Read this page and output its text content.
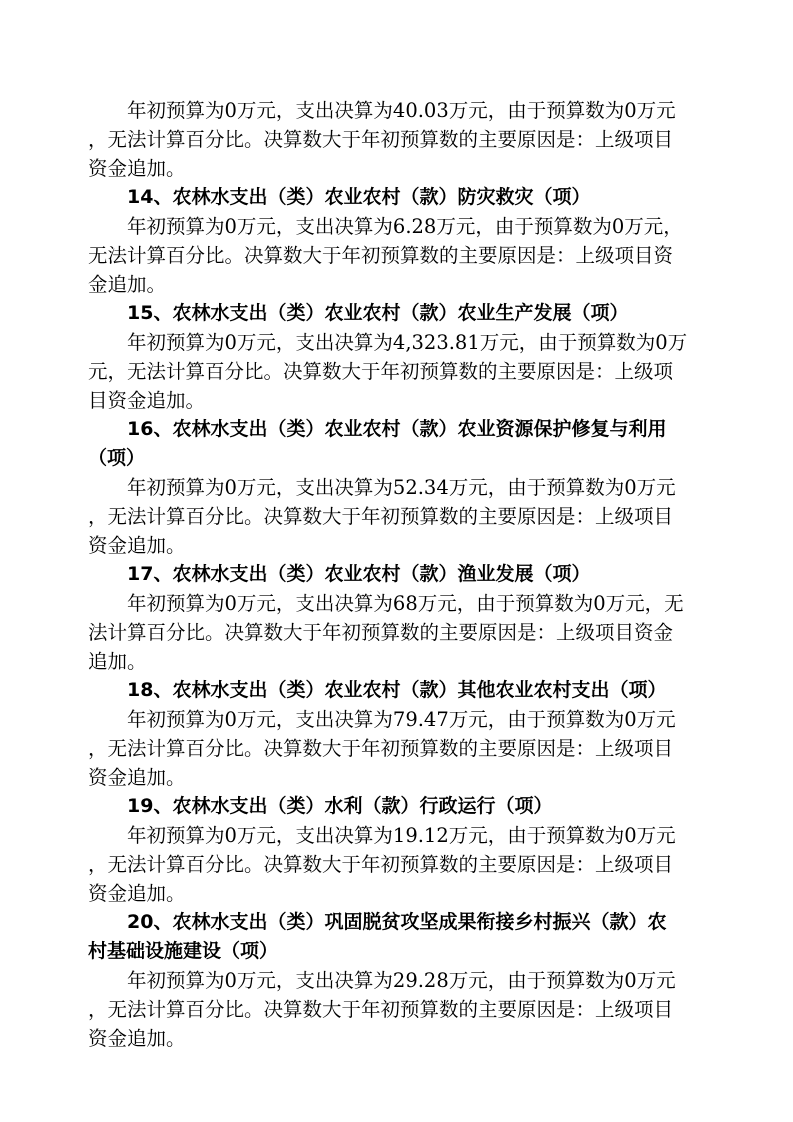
年初预算为0万元，支出决算为40.03万元，由于预算数为0万元
，无法计算百分比。决算数大于年初预算数的主要原因是：上级项目
资金追加。
14、农林水支出（类）农业农村（款）防灾救灾（项）
年初预算为0万元，支出决算为6.28万元，由于预算数为0万元，
无法计算百分比。决算数大于年初预算数的主要原因是：上级项目资
金追加。
15、农林水支出（类）农业农村（款）农业生产发展（项）
年初预算为0万元，支出决算为4,323.81万元，由于预算数为0万
元，无法计算百分比。决算数大于年初预算数的主要原因是：上级项
目资金追加。
16、农林水支出（类）农业农村（款）农业资源保护修复与利用
（项）
年初预算为0万元，支出决算为52.34万元，由于预算数为0万元
，无法计算百分比。决算数大于年初预算数的主要原因是：上级项目
资金追加。
17、农林水支出（类）农业农村（款）渔业发展（项）
年初预算为0万元，支出决算为68万元，由于预算数为0万元，无
法计算百分比。决算数大于年初预算数的主要原因是：上级项目资金
追加。
18、农林水支出（类）农业农村（款）其他农业农村支出（项）
年初预算为0万元，支出决算为79.47万元，由于预算数为0万元
，无法计算百分比。决算数大于年初预算数的主要原因是：上级项目
资金追加。
19、农林水支出（类）水利（款）行政运行（项）
年初预算为0万元，支出决算为19.12万元，由于预算数为0万元
，无法计算百分比。决算数大于年初预算数的主要原因是：上级项目
资金追加。
20、农林水支出（类）巩固脱贫攻坚成果衔接乡村振兴（款）农
村基础设施建设（项）
年初预算为0万元，支出决算为29.28万元，由于预算数为0万元
，无法计算百分比。决算数大于年初预算数的主要原因是：上级项目
资金追加。
